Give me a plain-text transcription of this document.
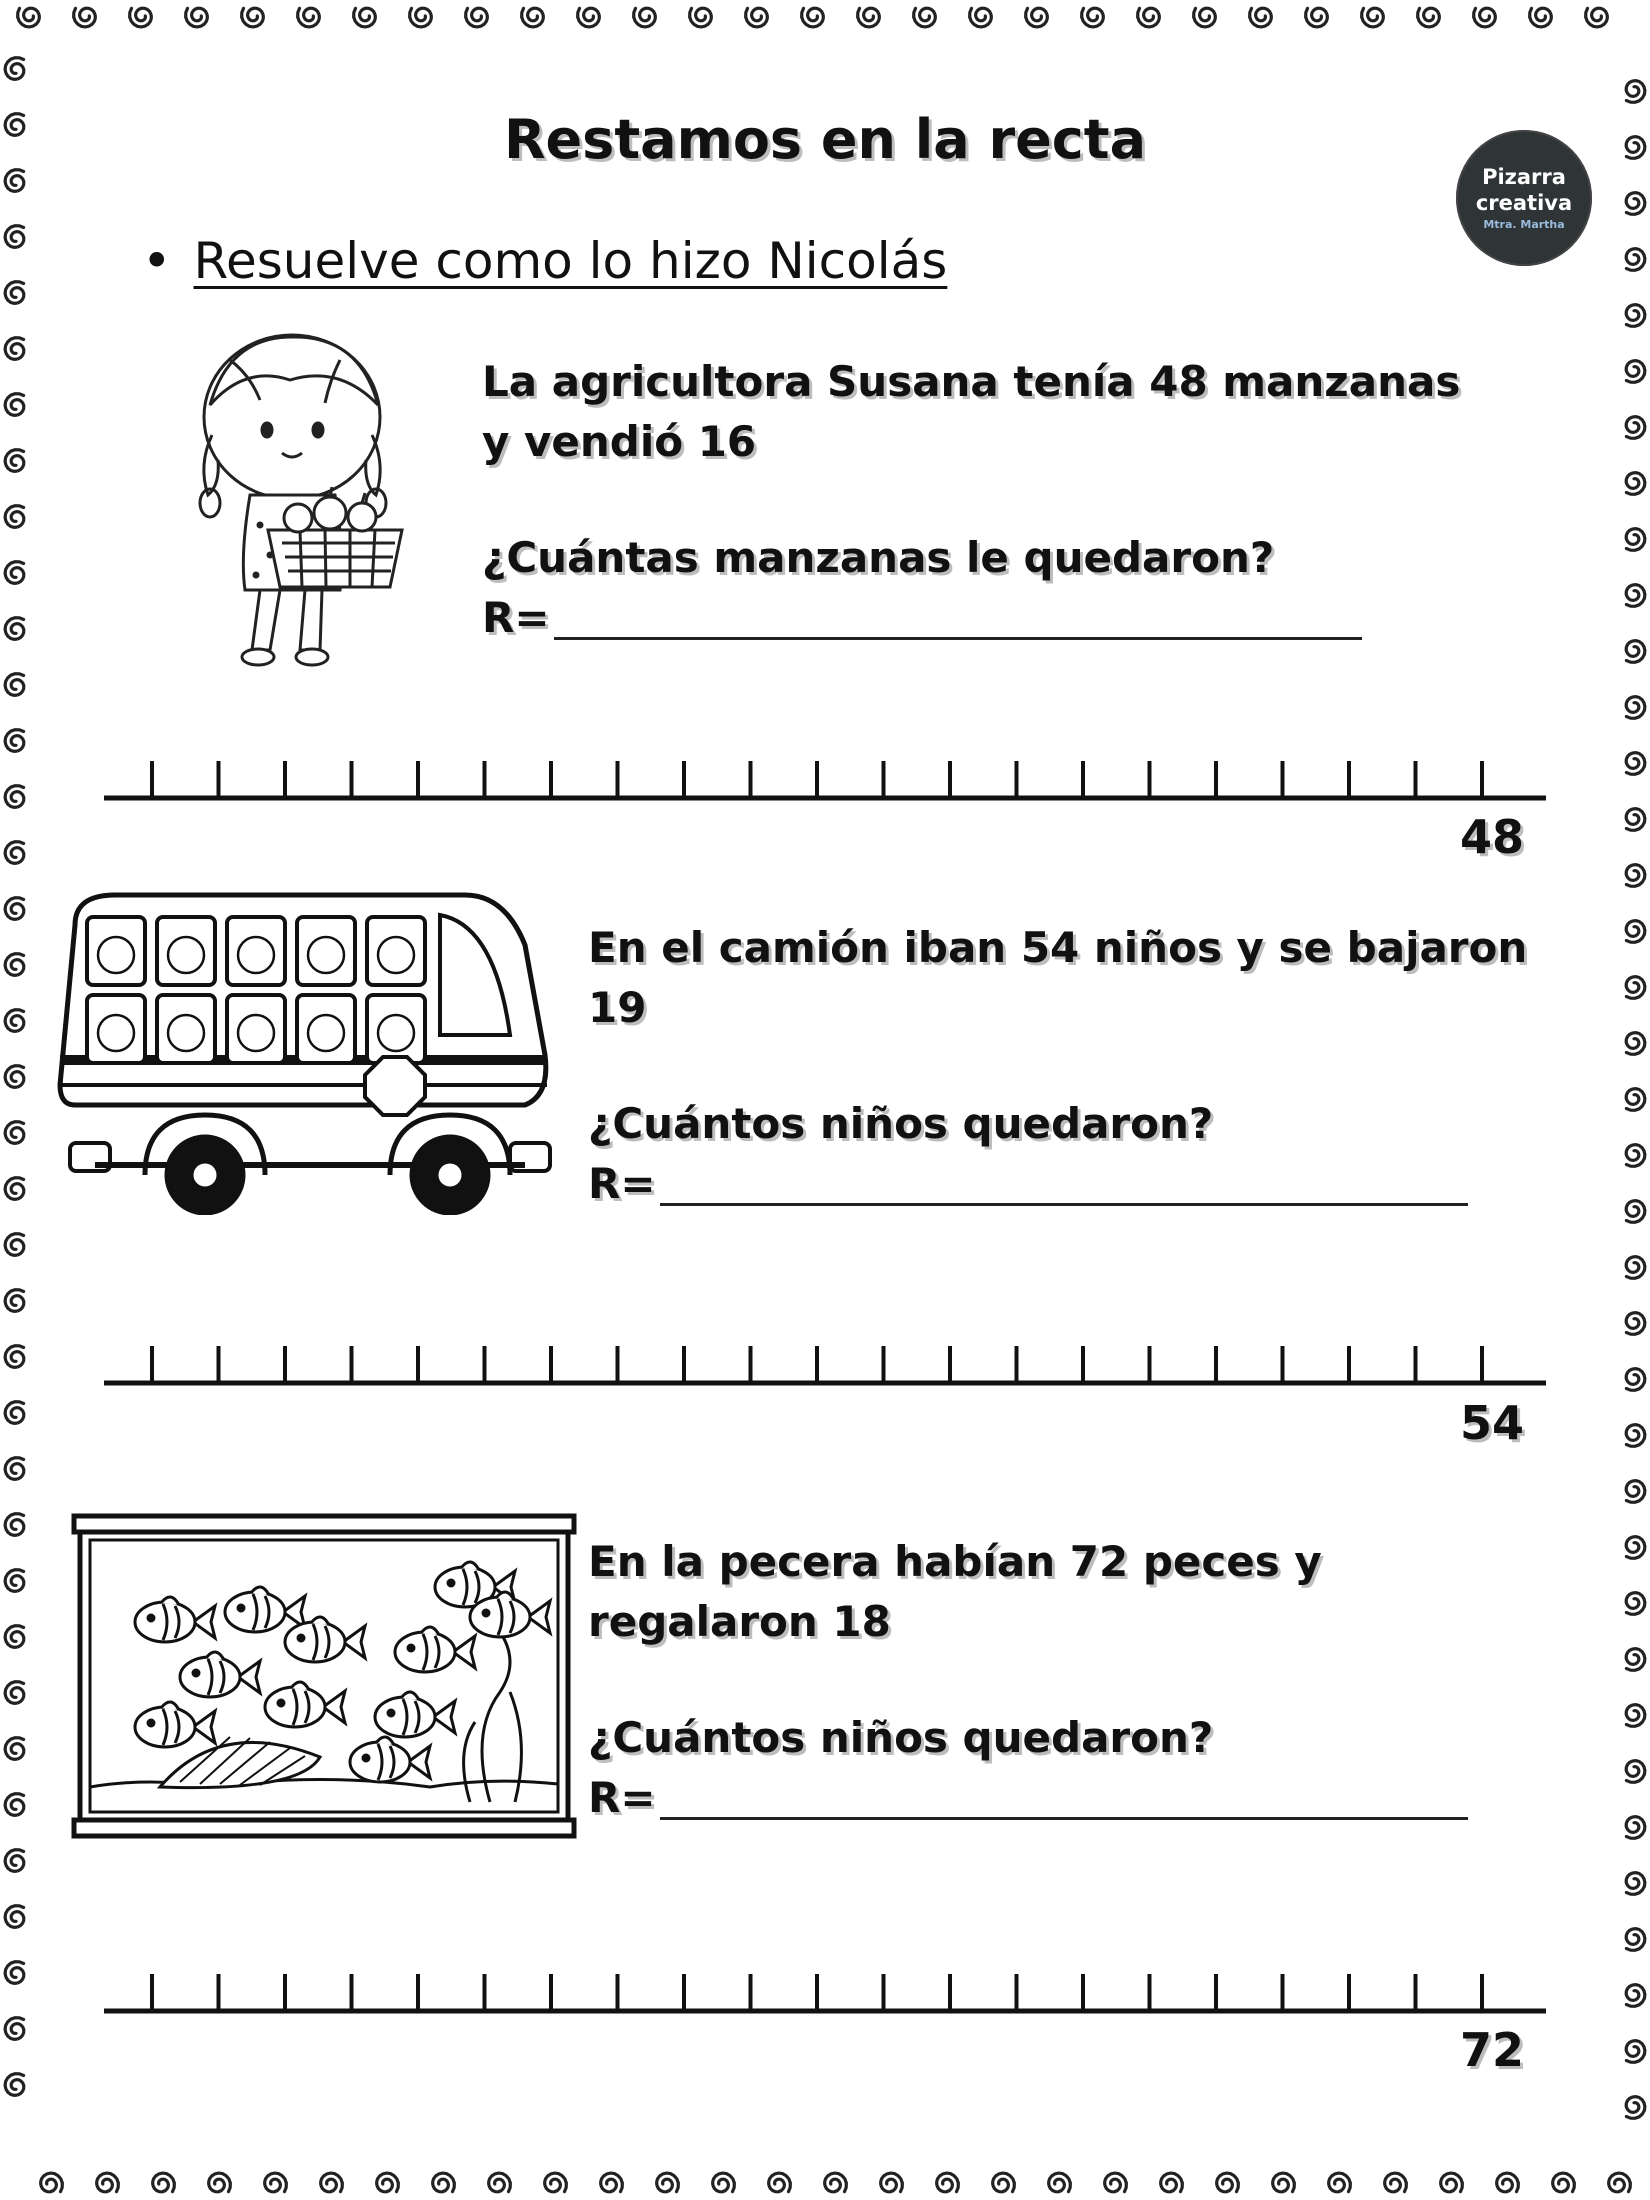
Restamos en la recta
Pizarra
creativa
Mtra. Martha
• Resuelve como lo hizo Nicolás

La agricultora Susana tenía 48 manzanas

y vendió 16

¿Cuántas manzanas le quedaron?

R=
48

En el camión iban 54 niños y se bajaron

19

¿Cuántos niños quedaron?

R=
54

En la pecera habían 72 peces y

regalaron 18

¿Cuántos niños quedaron?

R=
72
